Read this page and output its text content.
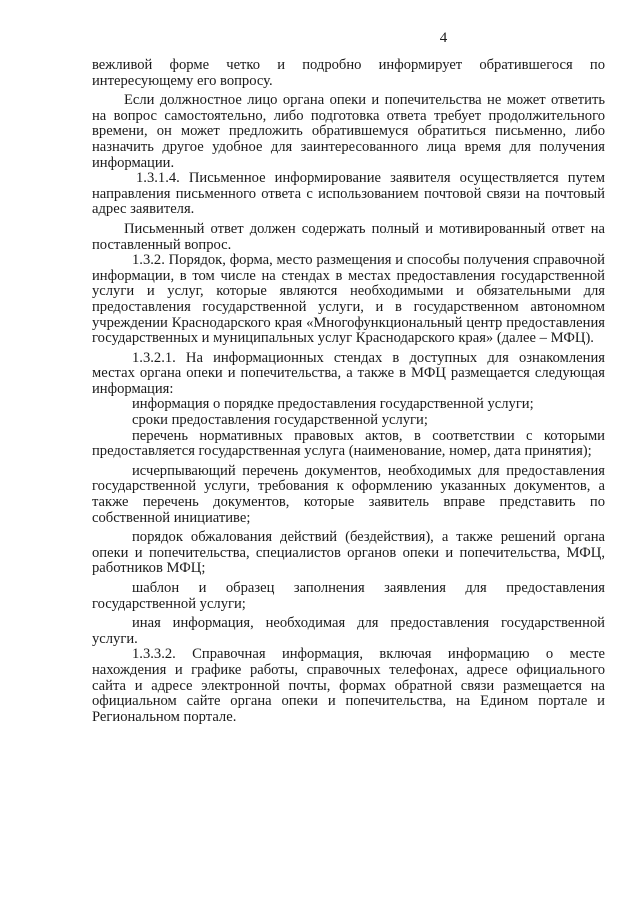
4

вежливой форме четко и подробно информирует обратившегося по интересующему его вопросу.

Если должностное лицо органа опеки и попечительства не может ответить на вопрос самостоятельно, либо подготовка ответа требует продолжительного времени, он может предложить обратившемуся обратиться письменно, либо назначить другое удобное для заинтересованного лица время для получения информации.

1.3.1.4. Письменное информирование заявителя осуществляется путем направления письменного ответа с использованием почтовой связи на почтовый адрес заявителя.

Письменный ответ должен содержать полный и мотивированный ответ на поставленный вопрос.

1.3.2. Порядок, форма, место размещения и способы получения справочной информации, в том числе на стендах в местах предоставления государственной услуги и услуг, которые являются необходимыми и обязательными для предоставления государственной услуги, и в государственном автономном учреждении Краснодарского края «Многофункциональный центр предоставления государственных и муниципальных услуг Краснодарского края» (далее – МФЦ).

1.3.2.1. На информационных стендах в доступных для ознакомления местах органа опеки и попечительства, а также в МФЦ размещается следующая информация:

информация о порядке предоставления государственной услуги;

сроки предоставления государственной услуги;

перечень нормативных правовых актов, в соответствии с которыми предоставляется государственная услуга (наименование, номер, дата принятия);

исчерпывающий перечень документов, необходимых для предоставления государственной услуги, требования к оформлению указанных документов, а также перечень документов, которые заявитель вправе представить по собственной инициативе;

порядок обжалования действий (бездействия), а также решений органа опеки и попечительства, специалистов органов опеки и попечительства, МФЦ, работников МФЦ;

шаблон и образец заполнения заявления для предоставления государственной услуги;

иная информация, необходимая для предоставления государственной услуги.

1.3.3.2. Справочная информация, включая информацию о месте нахождения и графике работы, справочных телефонах, адресе официального сайта и адресе электронной почты, формах обратной связи размещается на официальном сайте органа опеки и попечительства, на Едином портале и Региональном портале.
